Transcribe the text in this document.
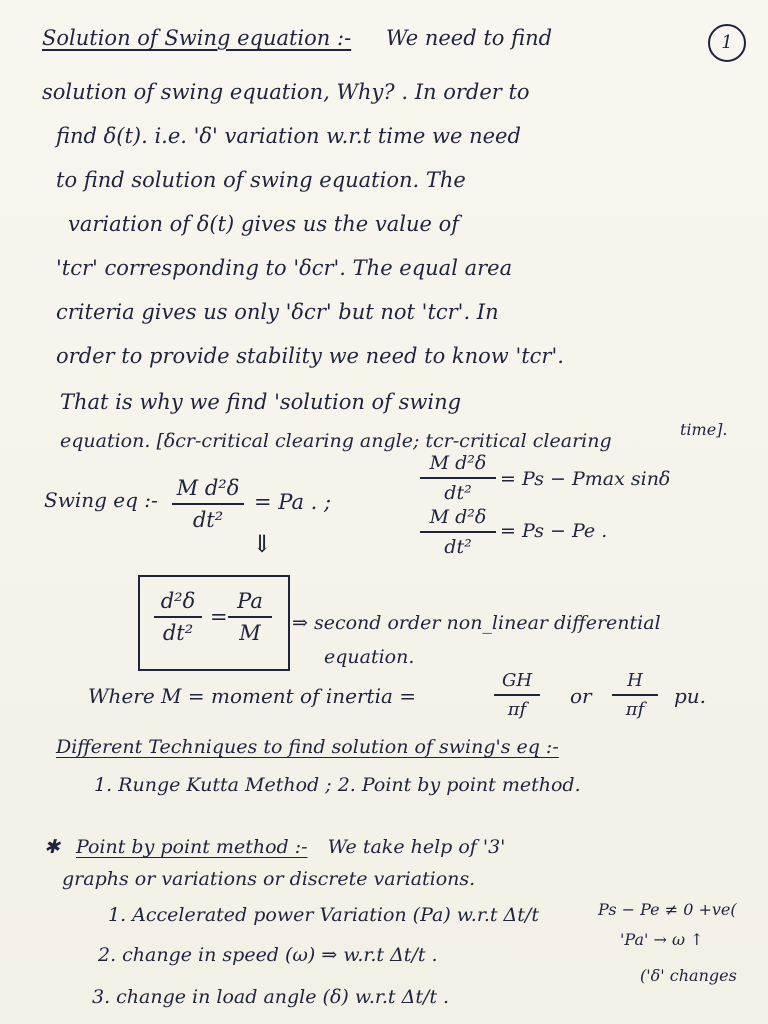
1
Solution of Swing equation :- We need to find
solution of swing equation, Why? . In order to
find δ(t). i.e. 'δ' variation w.r.t time we need
to find solution of swing equation. The
variation of δ(t) gives us the value of
'tcr' corresponding to 'δcr'. The equal area
criteria gives us only 'δcr' but not 'tcr'. In
order to provide stability we need to know 'tcr'.
That is why we find 'solution of swing
equation. [δcr-critical clearing angle; tcr-critical clearing
time].
Swing eq :- M d²δ
dt²
= Pa . ;
⇓
M d²δ
dt²
= Ps − Pmax sinδ
M d²δ
dt²
= Ps − Pe .
d²δ
dt²
=
Pa
M	⇒ second order non_linear differential
equation.
Where M = moment of inertia =
GH
πf
or
H
πf
pu.
Different Techniques to find solution of swing's eq :-
1. Runge Kutta Method ; 2. Point by point method.
✱ Point by point method :- We take help of '3'
graphs or variations or discrete variations.
1. Accelerated power Variation (Pa) w.r.t Δt/t
2. change in speed (ω) ⇒ w.r.t Δt/t .
3. change in load angle (δ) w.r.t Δt/t .
Ps − Pe ≠ 0 +ve(
'Pa' → ω ↑
('δ' changes
